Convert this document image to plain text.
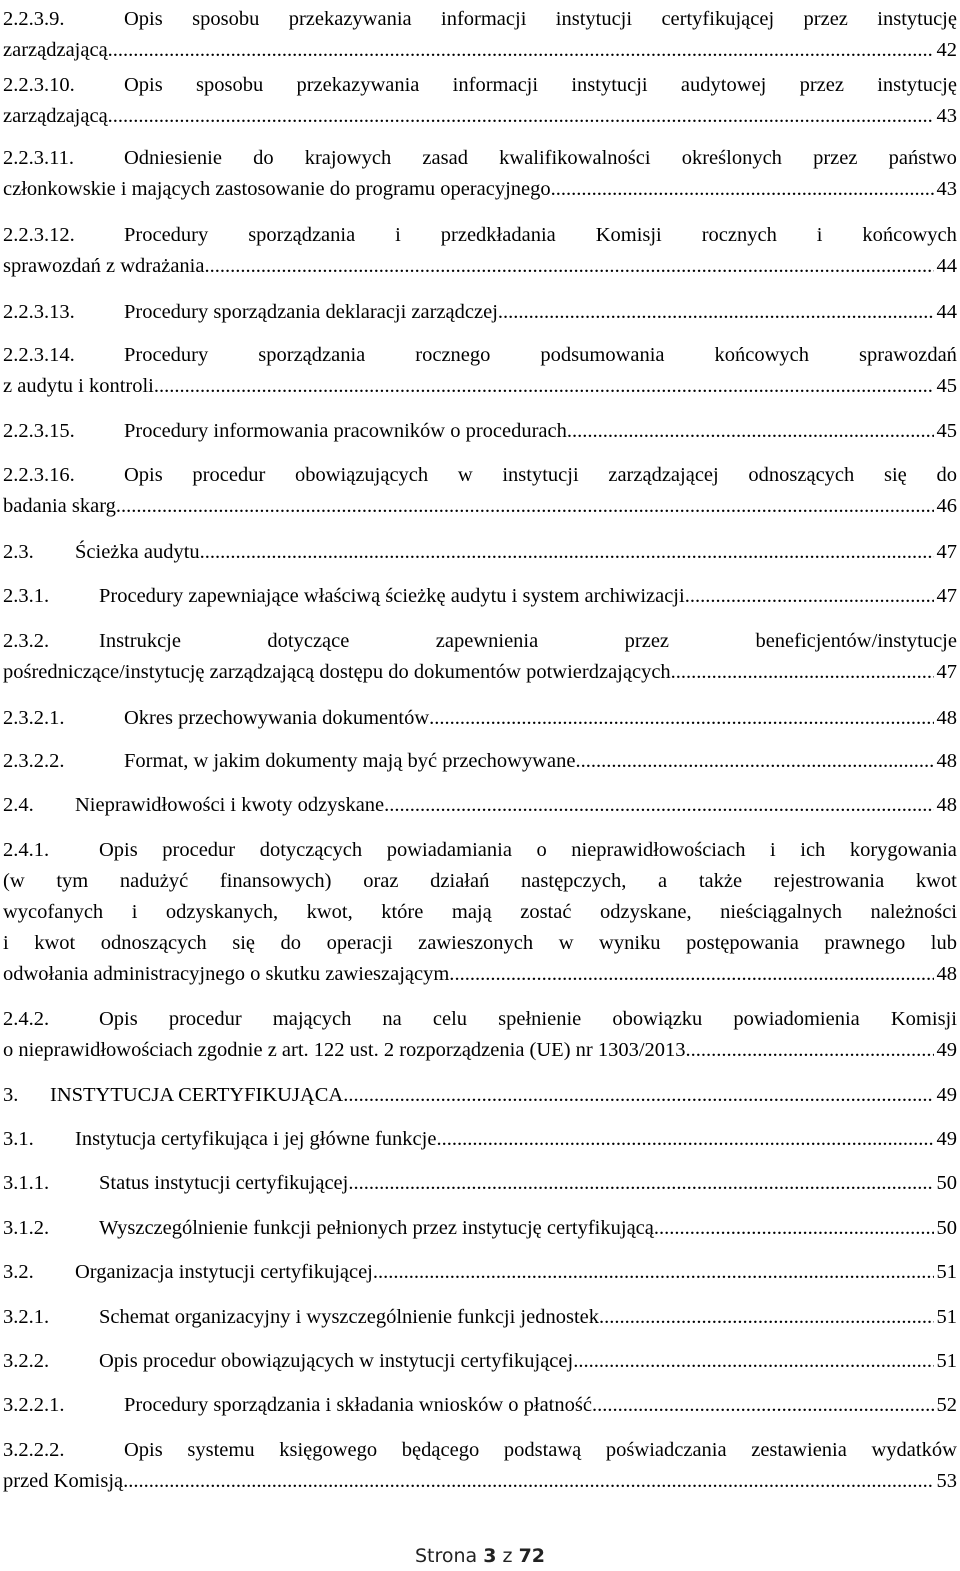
2.2.3.9.	Opis sposobu przekazywania informacji instytucji certyfikującej przez instytucję
zarządzającą. .....	42
2.2.3.10.	Opis sposobu przekazywania informacji instytucji audytowej przez instytucję
zarządzającą. .....	43
2.2.3.11.	Odniesienie do krajowych zasad kwalifikowalności określonych przez państwo
członkowskie i mających zastosowanie do programu operacyjnego .....	43
2.2.3.12.	Procedury sporządzania i przedkładania Komisji rocznych i końcowych
sprawozdań z wdrażania .....	44
2.2.3.13.	Procedury sporządzania deklaracji zarządczej .....	44
2.2.3.14.	Procedury sporządzania rocznego podsumowania końcowych sprawozdań
z audytu i kontroli .....	45
2.2.3.15.	Procedury informowania pracowników o procedurach .....	45
2.2.3.16.	Opis procedur obowiązujących w instytucji zarządzającej odnoszących się do
badania skarg .....	46
2.3.	Ścieżka audytu .....	47
2.3.1.	Procedury zapewniające właściwą ścieżkę audytu i system archiwizacji .....	47
2.3.2.	Instrukcje	dotyczące	zapewnienia	przez	beneficjentów/instytucje
pośredniczące/instytucję zarządzającą dostępu do dokumentów potwierdzających .....	47
2.3.2.1.	Okres przechowywania dokumentów .....	48
2.3.2.2.	Format, w jakim dokumenty mają być przechowywane .....	48
2.4.	Nieprawidłowości i kwoty odzyskane .....	48
2.4.1.	Opis procedur dotyczących powiadamiania o nieprawidłowościach i ich korygowania
(w tym nadużyć finansowych) oraz działań następczych, a także rejestrowania kwot
wycofanych i odzyskanych, kwot, które mają zostać odzyskane, nieściągalnych należności
i kwot odnoszących się do operacji zawieszonych w wyniku postępowania prawnego lub
odwołania administracyjnego o skutku zawieszającym. .....	48
2.4.2.	Opis procedur mających na celu spełnienie obowiązku powiadomienia Komisji
o nieprawidłowościach zgodnie z art. 122 ust. 2 rozporządzenia (UE) nr 1303/2013. .....	49
3.	INSTYTUCJA CERTYFIKUJĄCA .....	49
3.1.	Instytucja certyfikująca i jej główne funkcje .....	49
3.1.1.	Status instytucji certyfikującej .....	50
3.1.2.	Wyszczególnienie funkcji pełnionych przez instytucję certyfikującą .....	50
3.2.	Organizacja instytucji certyfikującej .....	51
3.2.1.	Schemat organizacyjny i wyszczególnienie funkcji jednostek .....	51
3.2.2.	Opis procedur obowiązujących w instytucji certyfikującej .....	51
3.2.2.1.	Procedury sporządzania i składania wniosków o płatność .....	52
3.2.2.2.	Opis systemu księgowego będącego podstawą poświadczania zestawienia wydatków
przed Komisją .....	53
Strona 3 z 72
